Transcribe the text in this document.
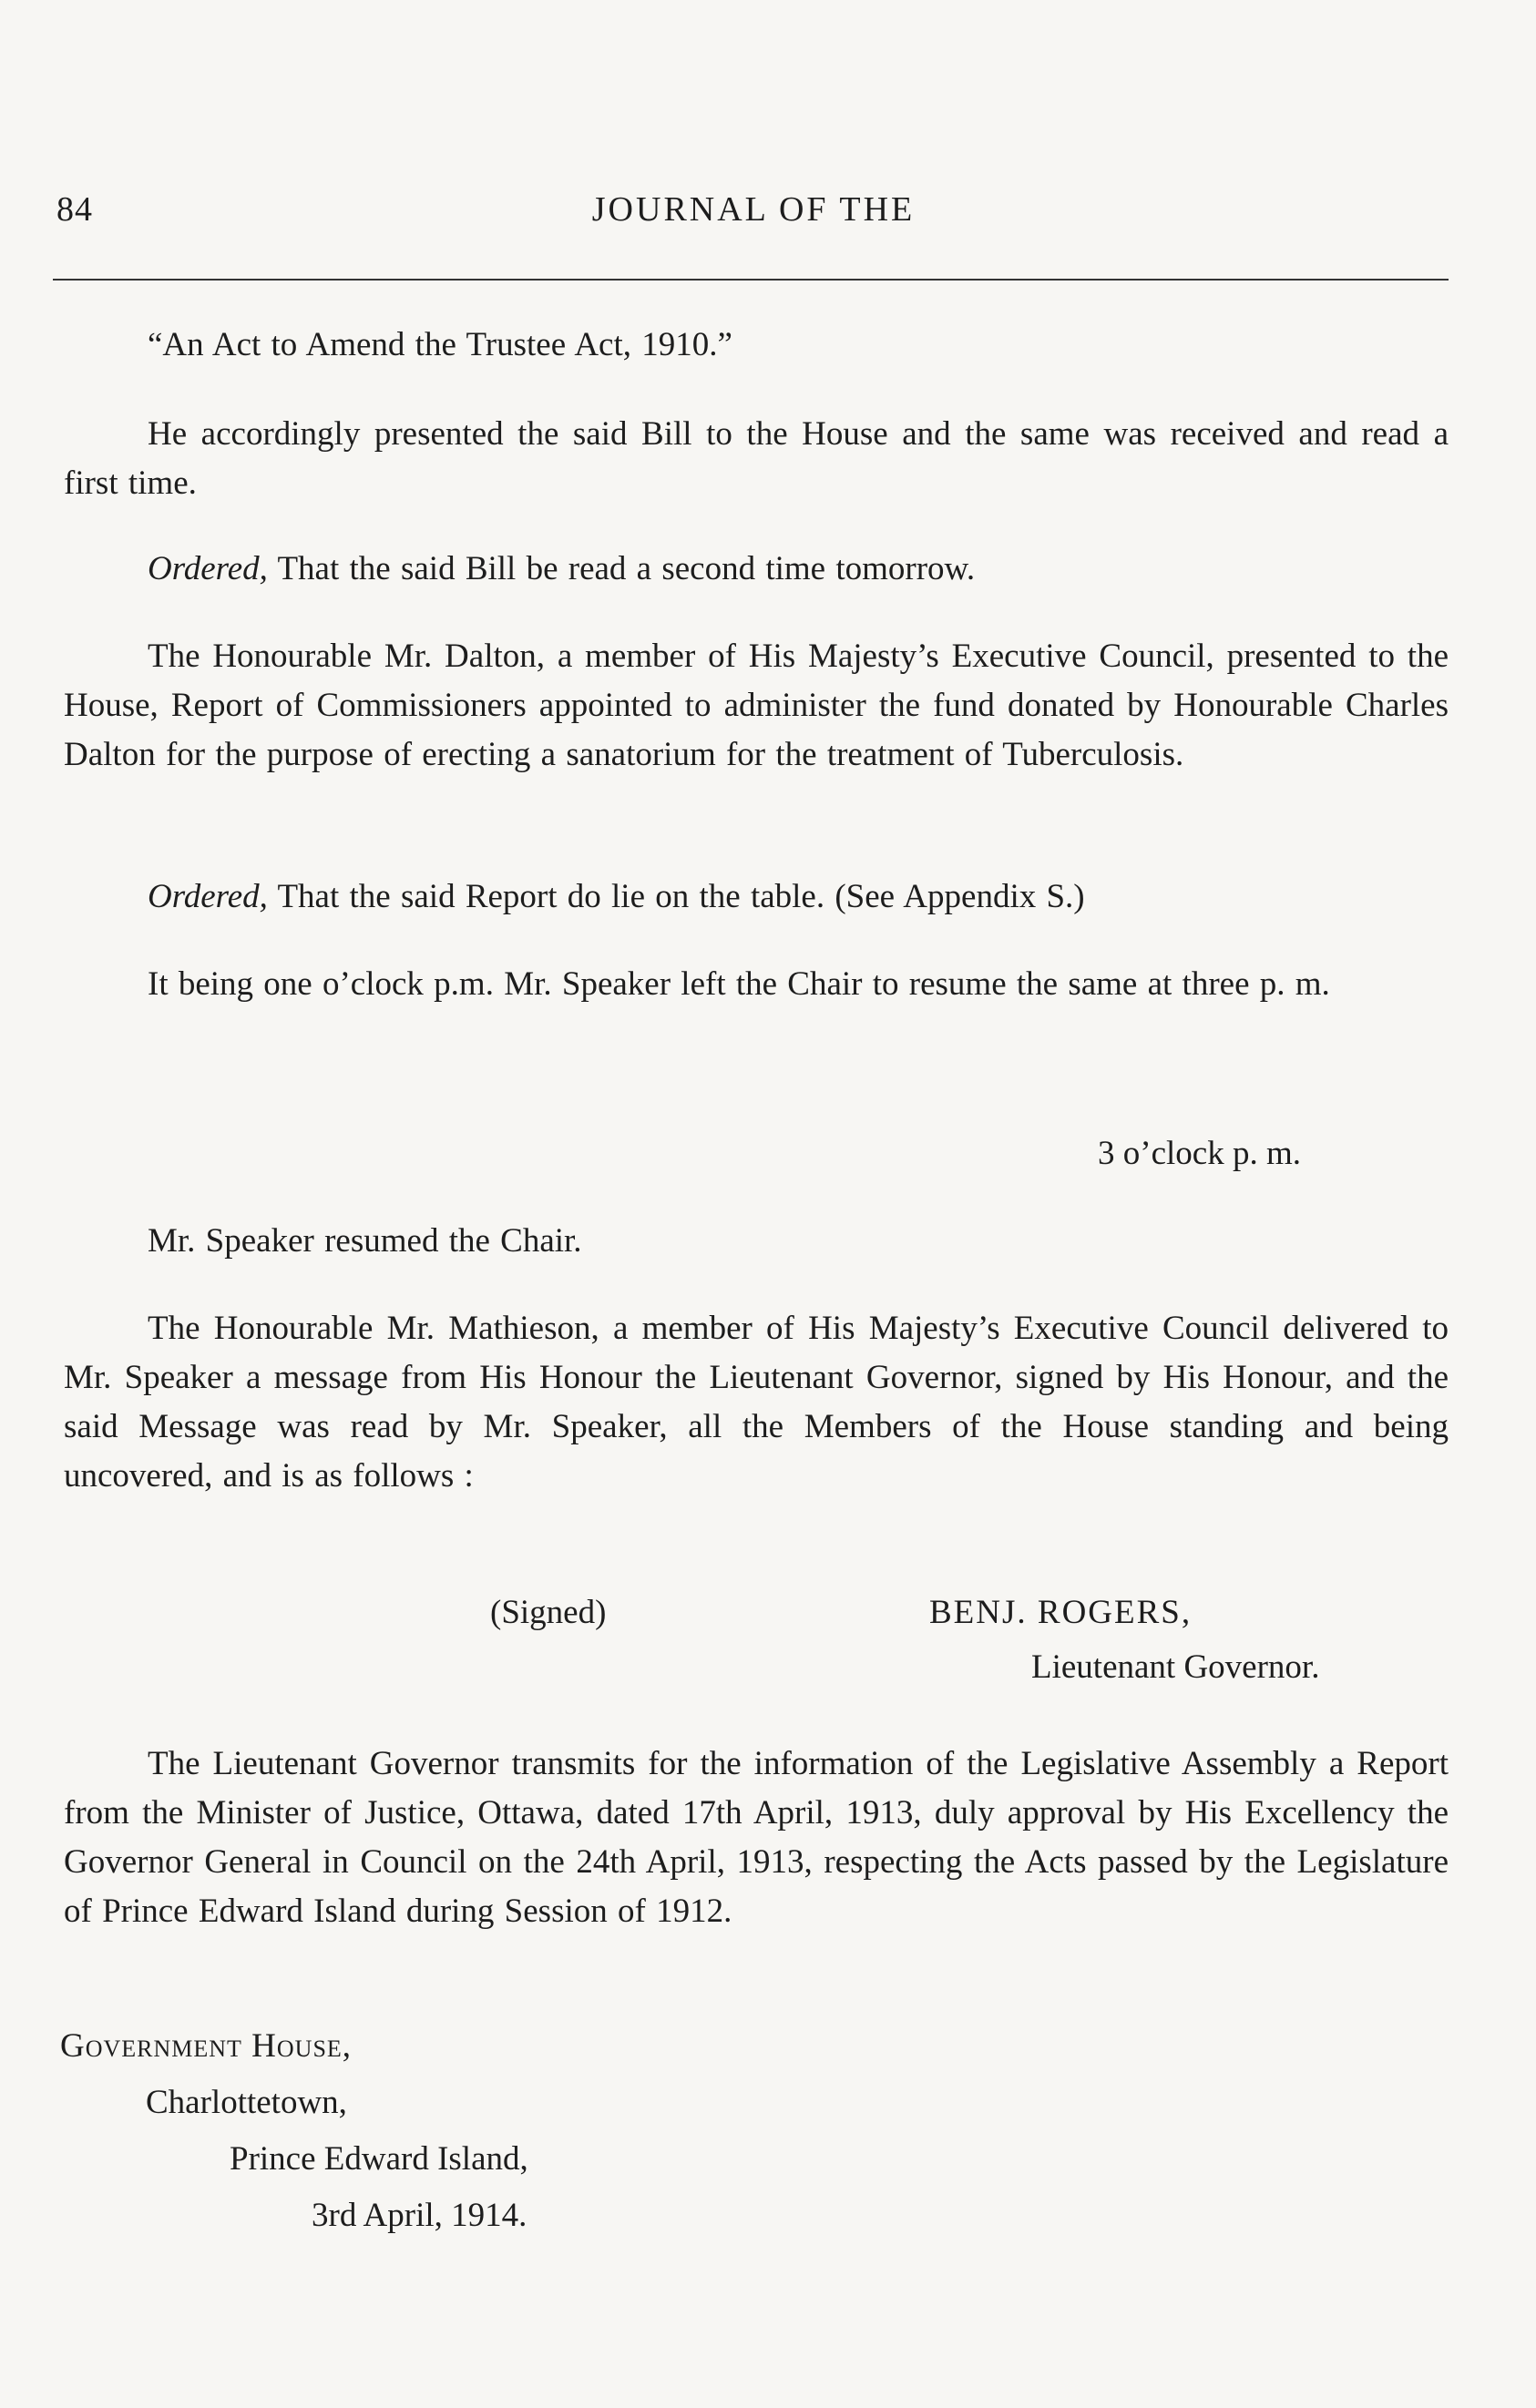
84	JOURNAL OF THE

“An Act to Amend the Trustee Act, 1910.”

He accordingly presented the said Bill to the House and the same was received and read a first time.

Ordered, That the said Bill be read a second time tomorrow.

The Honourable Mr. Dalton, a member of His Majesty’s Executive Council, presented to the House, Report of Commissioners appointed to administer the fund donated by Honourable Charles Dalton for the purpose of erecting a sanatorium for the treatment of Tuberculosis.

Ordered, That the said Report do lie on the table. (See Appendix S.)

It being one o’clock p.m. Mr. Speaker left the Chair to resume the same at three p. m.

3 o’clock p. m.

Mr. Speaker resumed the Chair.

The Honourable Mr. Mathieson, a member of His Majesty’s Executive Council delivered to Mr. Speaker a message from His Honour the Lieutenant Governor, signed by His Honour, and the said Message was read by Mr. Speaker, all the Members of the House standing and being uncovered, and is as follows :

(Signed)	BENJ. ROGERS,
Lieutenant Governor.

The Lieutenant Governor transmits for the information of the Legislative Assembly a Report from the Minister of Justice, Ottawa, dated 17th April, 1913, duly approval by His Excellency the Governor General in Council on the 24th April, 1913, respecting the Acts passed by the Legislature of Prince Edward Island during Session of 1912.

Government House,
Charlottetown,
Prince Edward Island,
3rd April, 1914.
